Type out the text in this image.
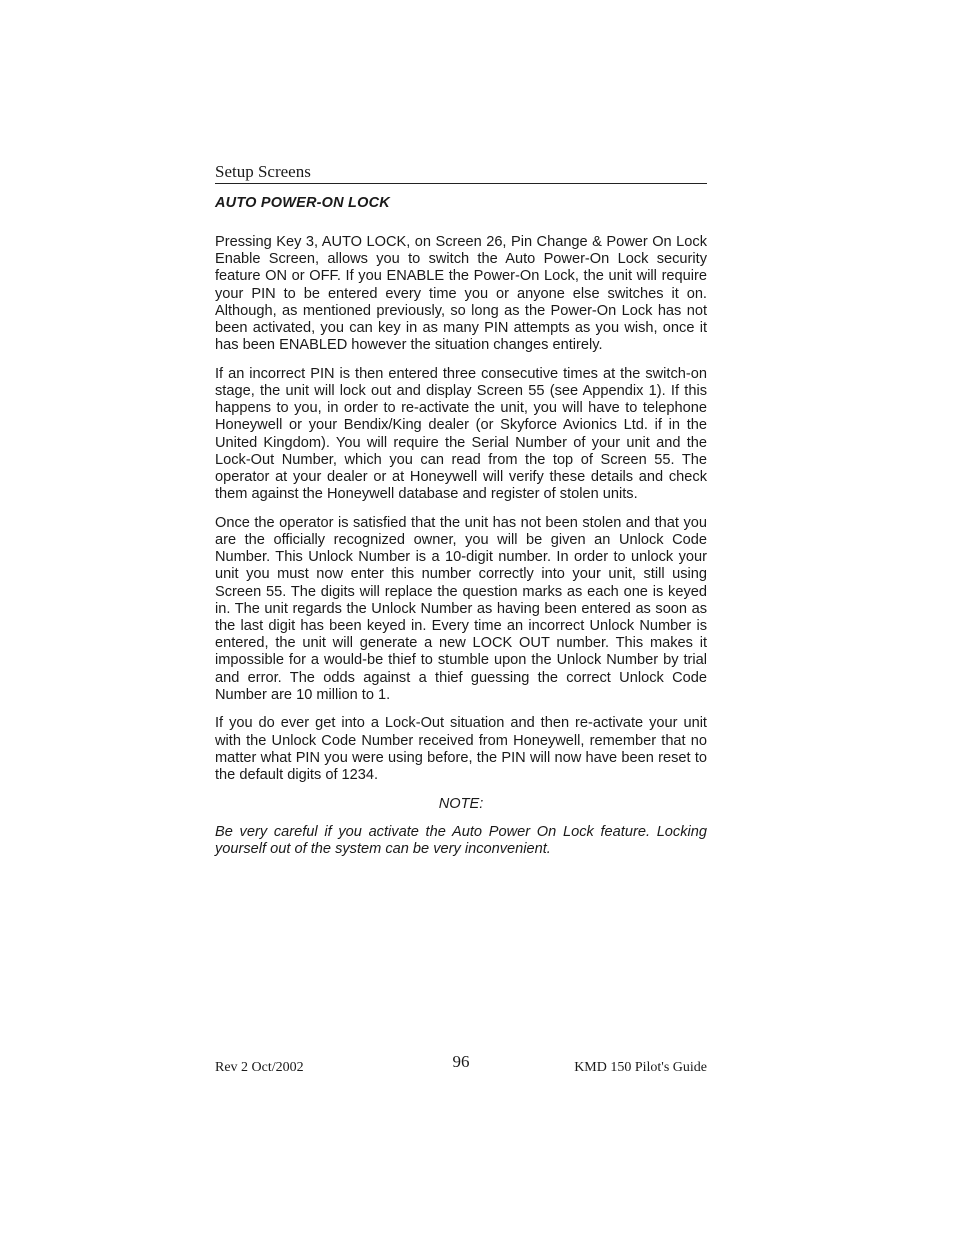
Setup Screens
AUTO POWER-ON LOCK

Pressing Key 3, AUTO LOCK, on Screen 26, Pin Change & Power On Lock Enable Screen, allows you to switch the Auto Power-On Lock security feature ON or OFF. If you ENABLE the Power-On Lock, the unit will require your PIN to be entered every time you or anyone else switches it on. Although, as mentioned previously, so long as the Power-On Lock has not been activated, you can key in as many PIN attempts as you wish, once it has been ENABLED however the situation changes entirely.

If an incorrect PIN is then entered three consecutive times at the switch-on stage, the unit will lock out and display Screen 55 (see Appendix 1). If this happens to you, in order to re-activate the unit, you will have to telephone Honeywell or your Bendix/King dealer (or Skyforce Avionics Ltd. if in the United Kingdom). You will require the Serial Number of your unit and the Lock-Out Number, which you can read from the top of Screen 55. The operator at your dealer or at Honeywell will verify these details and check them against the Honeywell database and register of stolen units.

Once the operator is satisfied that the unit has not been stolen and that you are the officially recognized owner, you will be given an Unlock Code Number. This Unlock Number is a 10-digit number. In order to unlock your unit you must now enter this number correctly into your unit, still using Screen 55. The digits will replace the question marks as each one is keyed in. The unit regards the Unlock Number as having been entered as soon as the last digit has been keyed in. Every time an incorrect Unlock Number is entered, the unit will generate a new LOCK OUT number. This makes it impossible for a would-be thief to stumble upon the Unlock Number by trial and error. The odds against a thief guessing the correct Unlock Code Number are 10 million to 1.

If you do ever get into a Lock-Out situation and then re-activate your unit with the Unlock Code Number received from Honeywell, remember that no matter what PIN you were using before, the PIN will now have been reset to the default digits of 1234.

NOTE:
Be very careful if you activate the Auto Power On Lock feature. Locking yourself out of the system can be very inconvenient.
Rev 2 Oct/2002	96	KMD 150 Pilot's Guide
